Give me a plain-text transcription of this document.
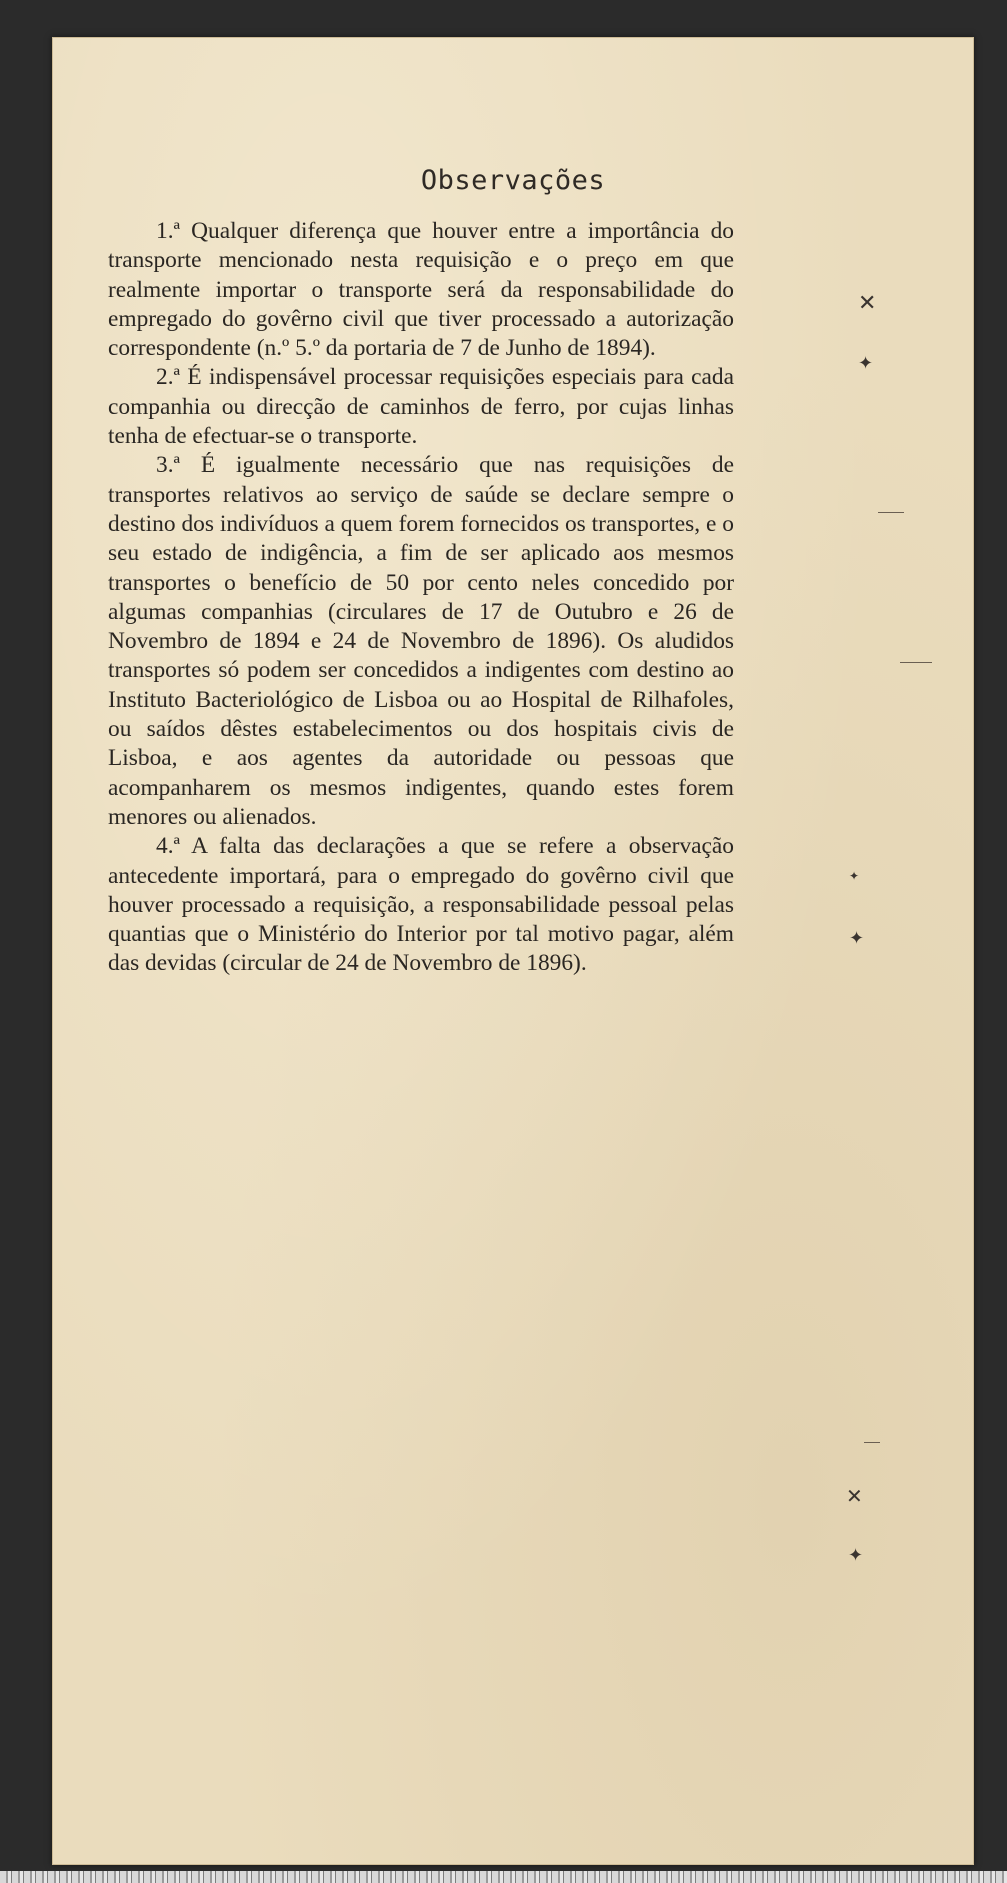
Observações

1.ª Qualquer diferença que houver entre a importância do transporte mencionado nesta requisição e o preço em que realmente importar o transporte será da responsabilidade do empregado do govêrno civil que tiver processado a autorização correspondente (n.º 5.º da portaria de 7 de Junho de 1894).

2.ª É indispensável processar requisições especiais para cada companhia ou direcção de caminhos de ferro, por cujas linhas tenha de efectuar-se o transporte.

3.ª É igualmente necessário que nas requisições de transportes relativos ao serviço de saúde se declare sempre o destino dos indivíduos a quem forem fornecidos os transportes, e o seu estado de indigência, a fim de ser aplicado aos mesmos transportes o benefício de 50 por cento neles concedido por algumas companhias (circulares de 17 de Outubro e 26 de Novembro de 1894 e 24 de Novembro de 1896). Os aludidos transportes só podem ser concedidos a indigentes com destino ao Instituto Bacteriológico de Lisboa ou ao Hospital de Rilhafoles, ou saídos dêstes estabelecimentos ou dos hospitais civis de Lisboa, e aos agentes da autoridade ou pessoas que acompanharem os mesmos indigentes, quando estes forem menores ou alienados.

4.ª A falta das declarações a que se refere a observação antecedente importará, para o empregado do govêrno civil que houver processado a requisição, a responsabilidade pessoal pelas quantias que o Ministério do Interior por tal motivo pagar, além das devidas (circular de 24 de Novembro de 1896).

✕
✦
✦
✦
✕
✦
